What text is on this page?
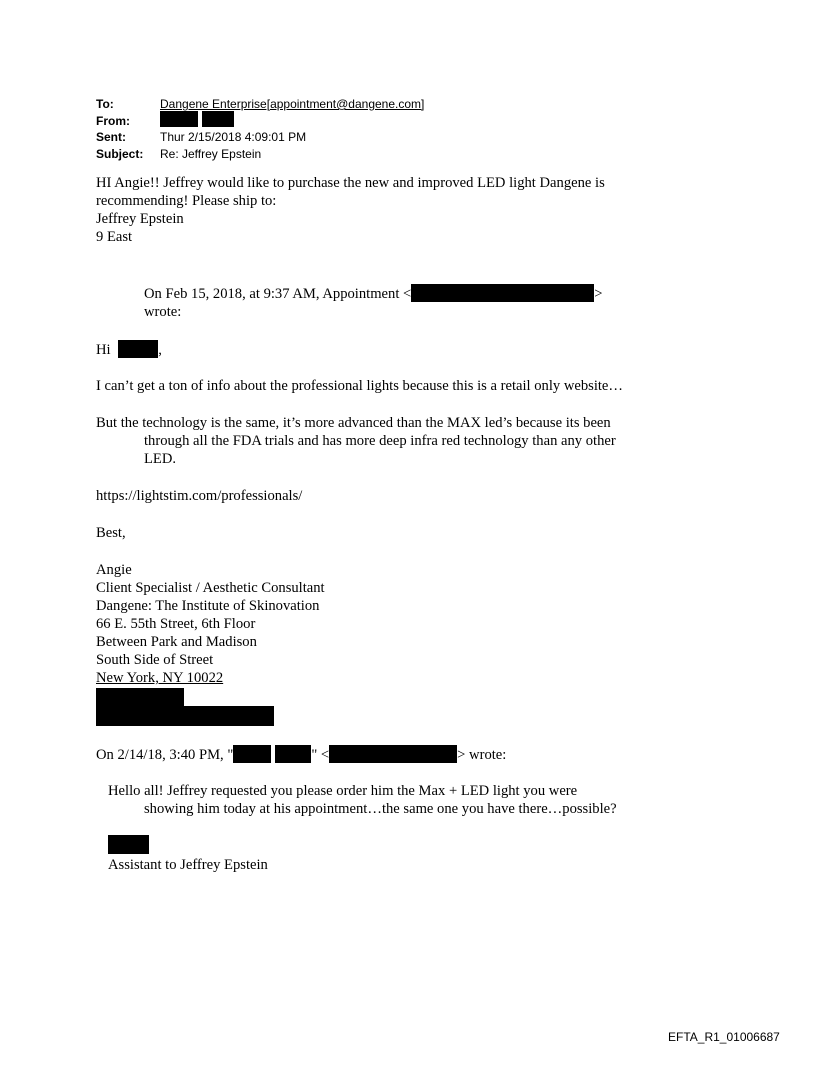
To:	Dangene Enterprise[appointment@dangene.com]
From:
Sent:	Thur 2/15/2018 4:09:01 PM
Subject:	Re: Jeffrey Epstein
HI Angie!! Jeffrey would like to purchase the new and improved LED light Dangene is
recommending! Please ship to:
Jeffrey Epstein
9 East
On Feb 15, 2018, at 9:37 AM, Appointment <	>
wrote:
Hi	,
I can’t get a ton of info about the professional lights because this is a retail only website…
But the technology is the same, it’s more advanced than the MAX led’s because its been
through all the FDA trials and has more deep infra red technology than any other
LED.
https://lightstim.com/professionals/
Best,
Angie
Client Specialist / Aesthetic Consultant
Dangene: The Institute of Skinovation
66 E. 55th Street, 6th Floor
Between Park and Madison
South Side of Street
New York, NY 10022
On 2/14/18, 3:40 PM, "	" <	> wrote:
Hello all! Jeffrey requested you please order him the Max + LED light you were
showing him today at his appointment…the same one you have there…possible?
Assistant to Jeffrey Epstein
EFTA_R1_01006687
